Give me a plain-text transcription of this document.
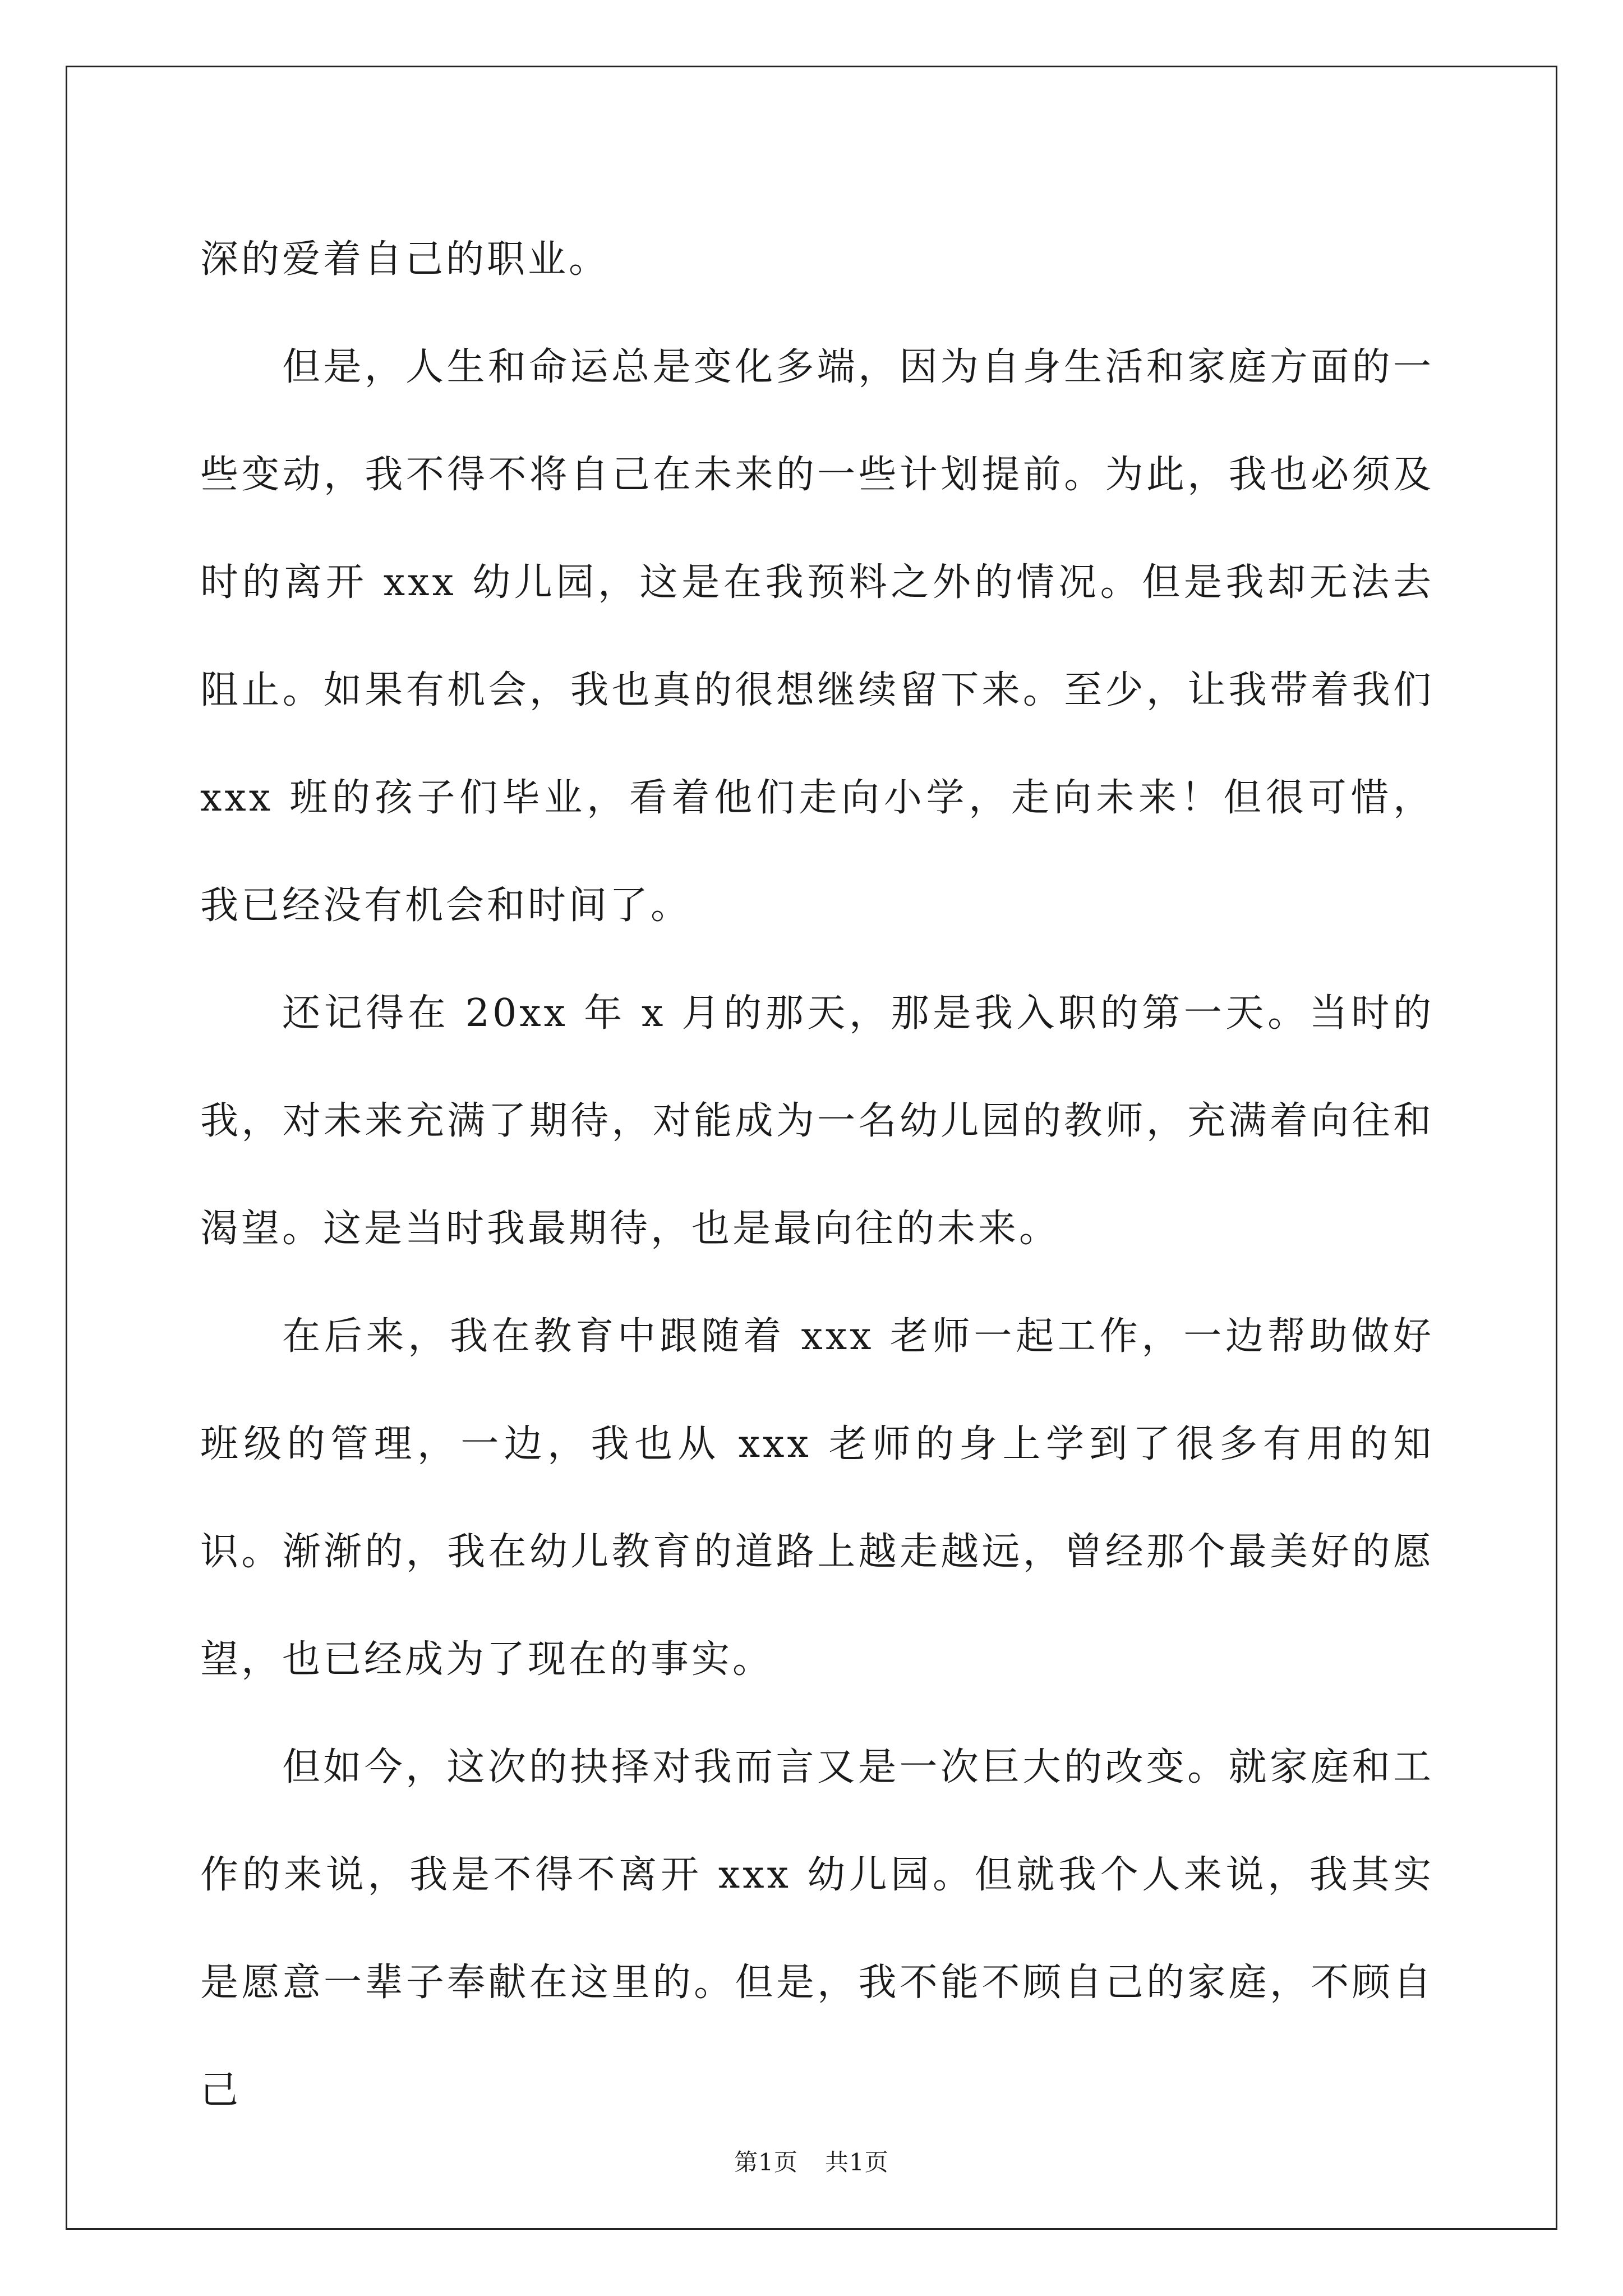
深的爱着自己的职业。

但是，人生和命运总是变化多端，因为自身生活和家庭方面的一些变动，我不得不将自己在未来的一些计划提前。为此，我也必须及时的离开 xxx 幼儿园，这是在我预料之外的情况。但是我却无法去阻止。如果有机会，我也真的很想继续留下来。至少，让我带着我们 xxx 班的孩子们毕业，看着他们走向小学，走向未来！但很可惜，我已经没有机会和时间了。

还记得在 20xx 年 x 月的那天，那是我入职的第一天。当时的我，对未来充满了期待，对能成为一名幼儿园的教师，充满着向往和渴望。这是当时我最期待，也是最向往的未来。

在后来，我在教育中跟随着 xxx 老师一起工作，一边帮助做好班级的管理，一边，我也从 xxx 老师的身上学到了很多有用的知识。渐渐的，我在幼儿教育的道路上越走越远，曾经那个最美好的愿望，也已经成为了现在的事实。

但如今，这次的抉择对我而言又是一次巨大的改变。就家庭和工作的来说，我是不得不离开 xxx 幼儿园。但就我个人来说，我其实是愿意一辈子奉献在这里的。但是，我不能不顾自己的家庭，不顾自己

第1页 共1页
